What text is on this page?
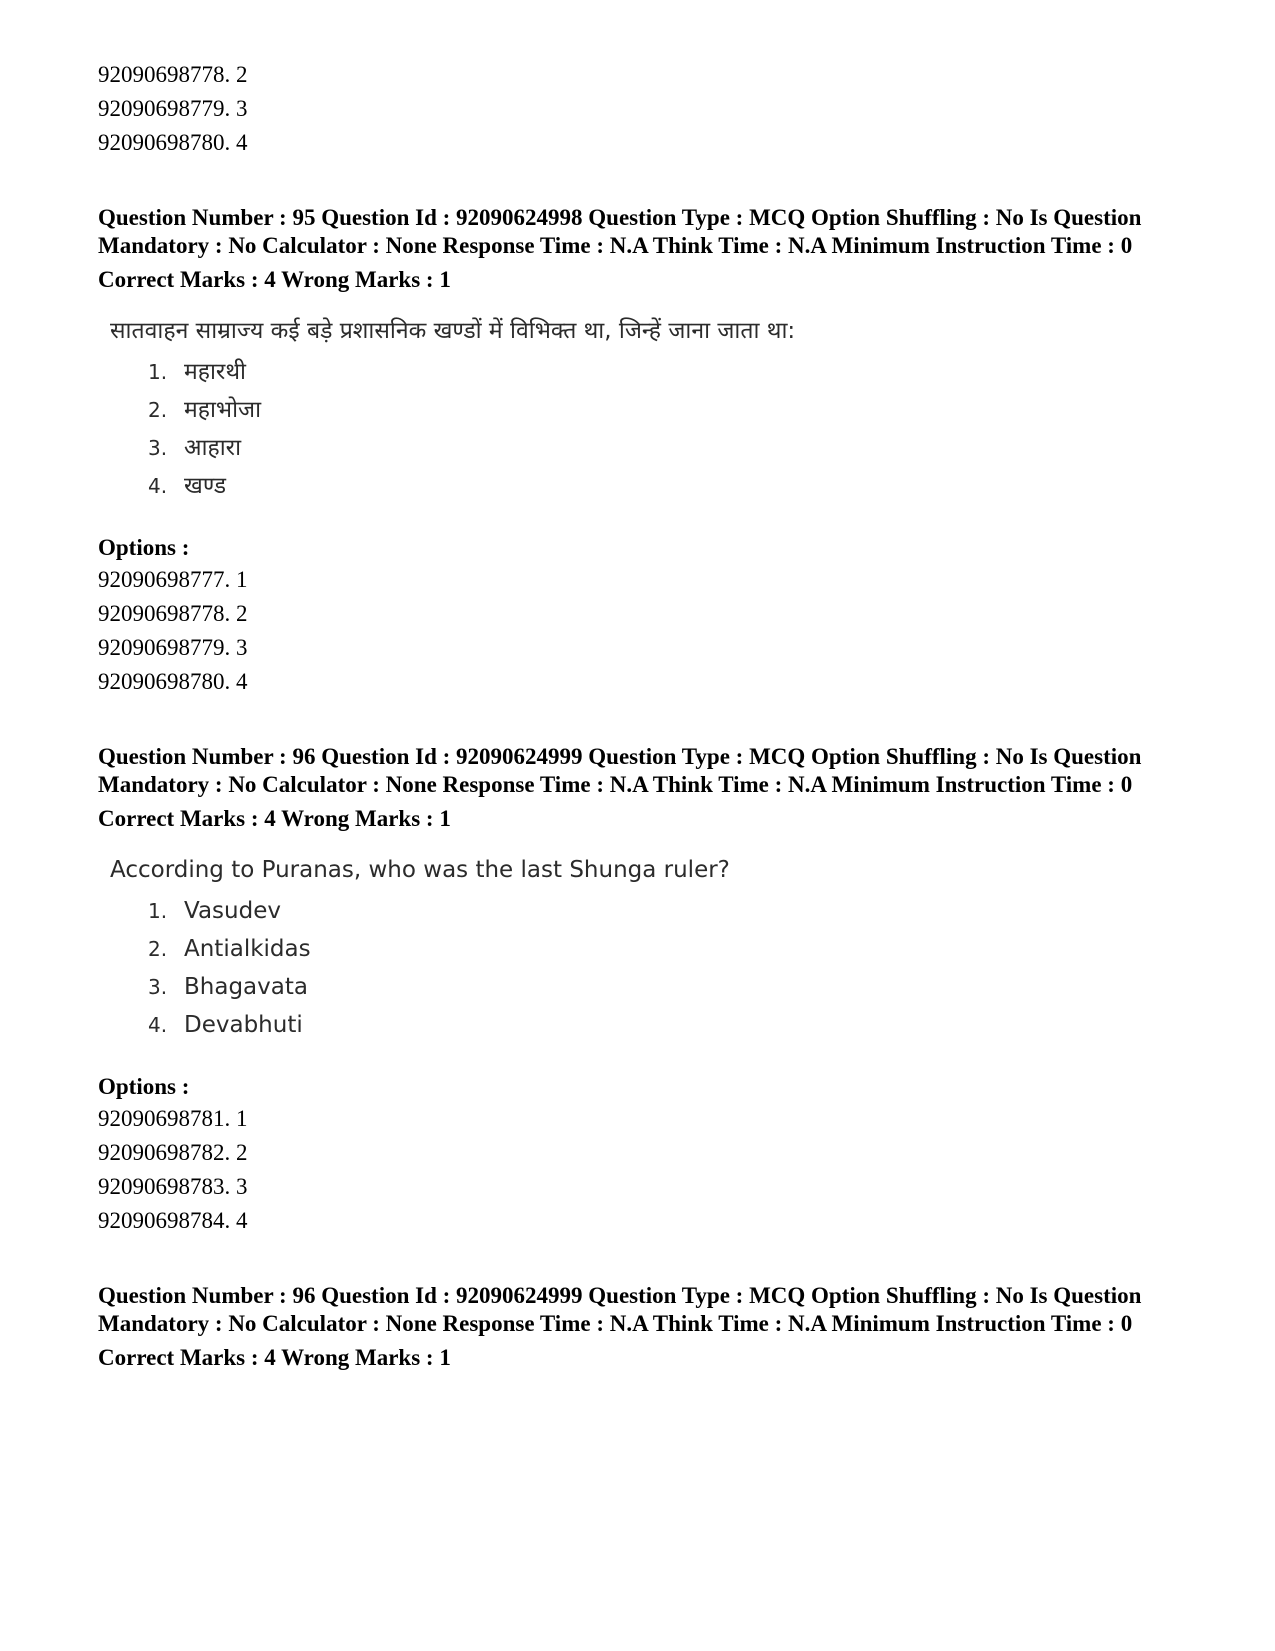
92090698778. 2
92090698779. 3
92090698780. 4

Question Number : 95 Question Id : 92090624998 Question Type : MCQ Option Shuffling : No Is Question Mandatory : No Calculator : None Response Time : N.A Think Time : N.A Minimum Instruction Time : 0

Correct Marks : 4 Wrong Marks : 1
सातवाहन साम्राज्य कई बड़े प्रशासनिक खण्डों में विभिक्त था, जिन्हें जाना जाता था:
1. महारथी
2. महाभोजा
3. आहारा
4. खण्ड
Options :
92090698777. 1
92090698778. 2
92090698779. 3
92090698780. 4

Question Number : 96 Question Id : 92090624999 Question Type : MCQ Option Shuffling : No Is Question Mandatory : No Calculator : None Response Time : N.A Think Time : N.A Minimum Instruction Time : 0

Correct Marks : 4 Wrong Marks : 1
According to Puranas, who was the last Shunga ruler?
1. Vasudev
2. Antialkidas
3. Bhagavata
4. Devabhuti
Options :
92090698781. 1
92090698782. 2
92090698783. 3
92090698784. 4

Question Number : 96 Question Id : 92090624999 Question Type : MCQ Option Shuffling : No Is Question Mandatory : No Calculator : None Response Time : N.A Think Time : N.A Minimum Instruction Time : 0

Correct Marks : 4 Wrong Marks : 1
